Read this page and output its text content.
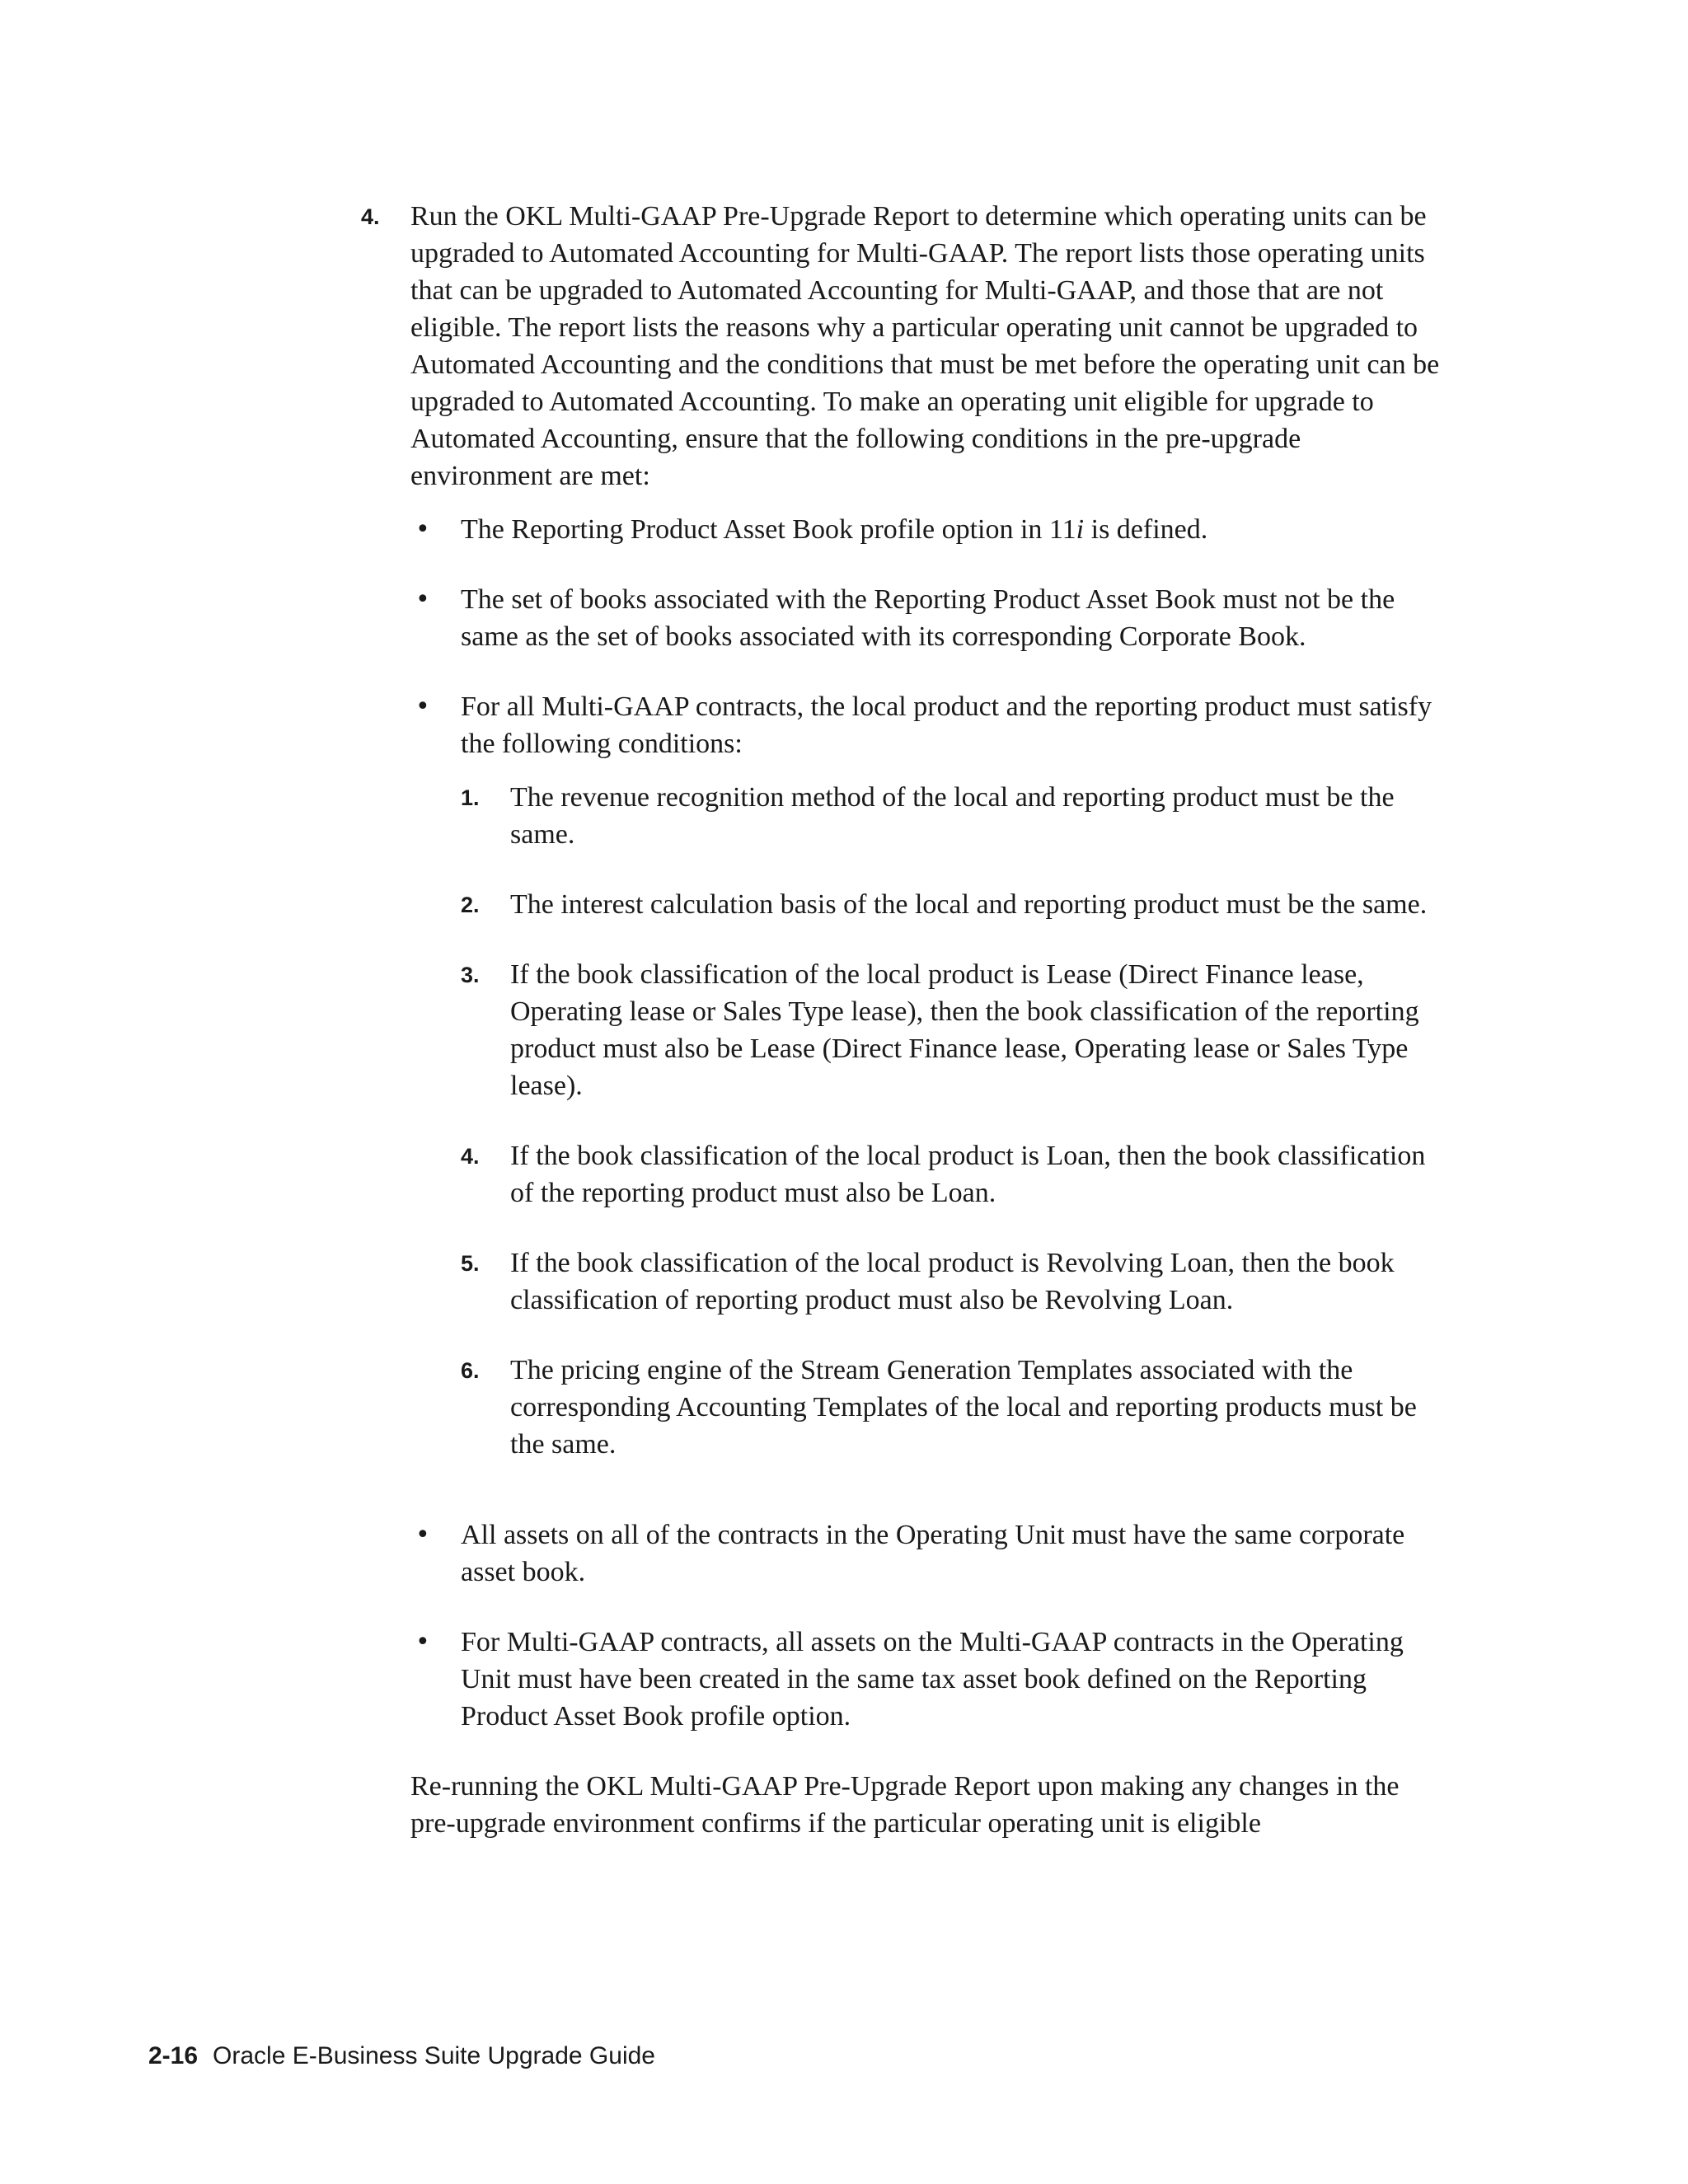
4. Run the OKL Multi-GAAP Pre-Upgrade Report to determine which operating units can be upgraded to Automated Accounting for Multi-GAAP. The report lists those operating units that can be upgraded to Automated Accounting for Multi-GAAP, and those that are not eligible. The report lists the reasons why a particular operating unit cannot be upgraded to Automated Accounting and the conditions that must be met before the operating unit can be upgraded to Automated Accounting. To make an operating unit eligible for upgrade to Automated Accounting, ensure that the following conditions in the pre-upgrade environment are met:

• The Reporting Product Asset Book profile option in 11i is defined.

• The set of books associated with the Reporting Product Asset Book must not be the same as the set of books associated with its corresponding Corporate Book.

• For all Multi-GAAP contracts, the local product and the reporting product must satisfy the following conditions:

1. The revenue recognition method of the local and reporting product must be the same.

2. The interest calculation basis of the local and reporting product must be the same.

3. If the book classification of the local product is Lease (Direct Finance lease, Operating lease or Sales Type lease), then the book classification of the reporting product must also be Lease (Direct Finance lease, Operating lease or Sales Type lease).

4. If the book classification of the local product is Loan, then the book classification of the reporting product must also be Loan.

5. If the book classification of the local product is Revolving Loan, then the book classification of reporting product must also be Revolving Loan.

6. The pricing engine of the Stream Generation Templates associated with the corresponding Accounting Templates of the local and reporting products must be the same.

• All assets on all of the contracts in the Operating Unit must have the same corporate asset book.

• For Multi-GAAP contracts, all assets on the Multi-GAAP contracts in the Operating Unit must have been created in the same tax asset book defined on the Reporting Product Asset Book profile option.

Re-running the OKL Multi-GAAP Pre-Upgrade Report upon making any changes in the pre-upgrade environment confirms if the particular operating unit is eligible

2-16 Oracle E-Business Suite Upgrade Guide
